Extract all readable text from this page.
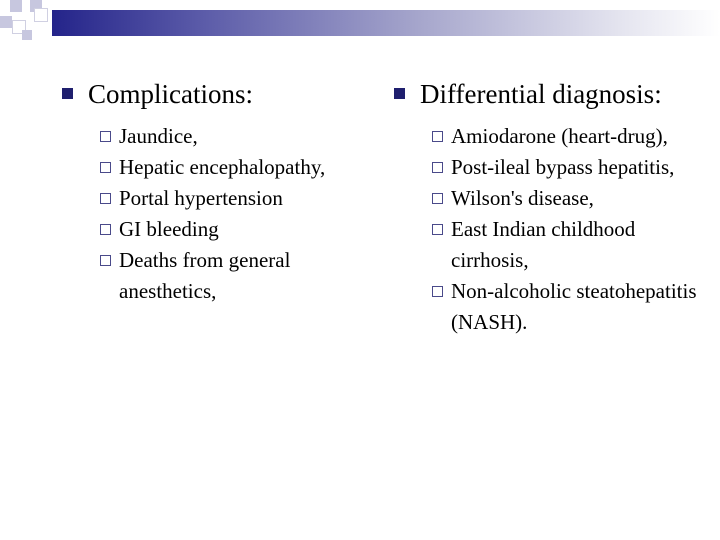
Complications:
Jaundice,
Hepatic encephalopathy,
Portal hypertension
GI bleeding
Deaths from general anesthetics,
Differential diagnosis:
Amiodarone (heart-drug),
Post-ileal bypass hepatitis,
Wilson's disease,
East Indian childhood cirrhosis,
Non-alcoholic steatohepatitis (NASH).
